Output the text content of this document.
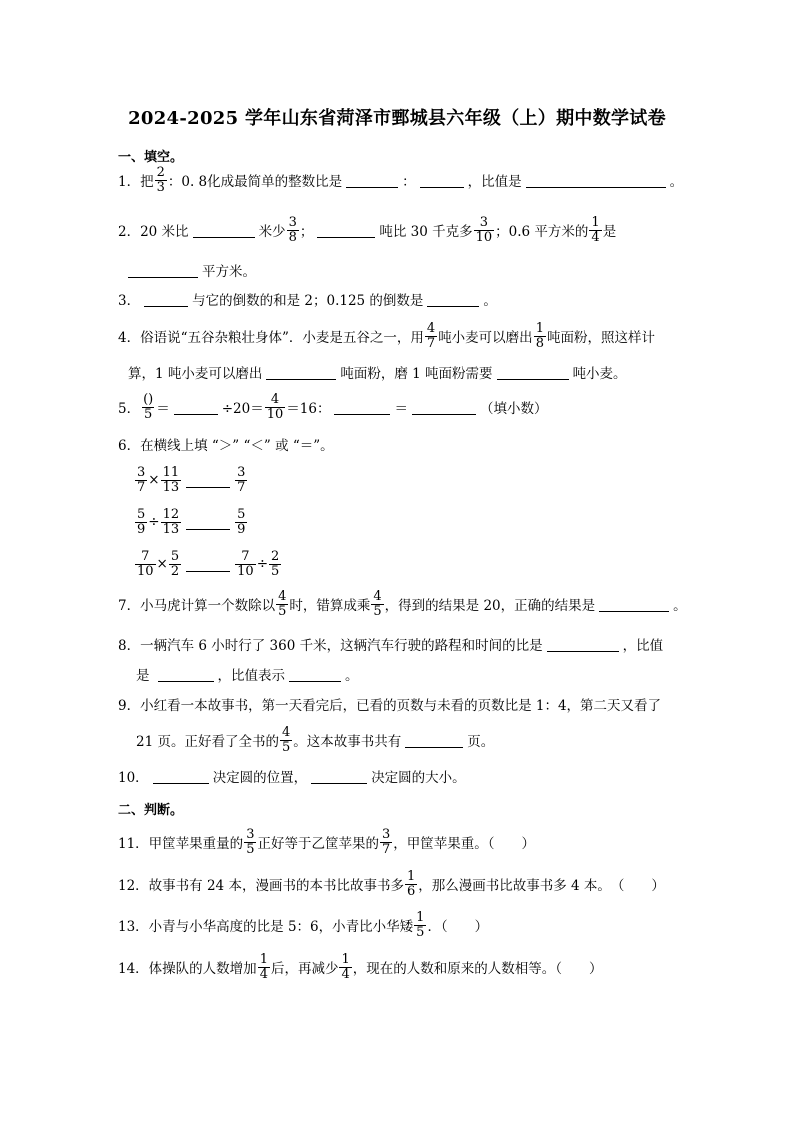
2024-2025 学年山东省菏泽市鄄城县六年级（上）期中数学试卷
一、填空。
1．把 $\frac{2}{3}$ ：0. 8化成最简单的整数比是	：	，比值是	。
2．20 米比	米少 $\frac{3}{8}$ ；	吨比 30 千克多 $\frac{3}{10}$ ；0.6 平方米的 $\frac{1}{4}$ 是
平方米。
3．	与它的倒数的和是 2；0.125 的倒数是	。
4．俗语说“五谷杂粮壮身体”．小麦是五谷之一，用 $\frac{4}{7}$ 吨小麦可以磨出 $\frac{1}{8}$ 吨面粉，照这样计
算，1 吨小麦可以磨出	吨面粉，磨 1 吨面粉需要	吨小麦。
5．
()
5 ＝	$\div 20= \frac{4}{10} =16$：	＝	（填小数）
6．在横线上填 “＞” “＜” 或 “＝”。
$\frac{3}{7} \times \frac{11}{13}$	$\frac{3}{7}$
$\frac{5}{9} \div \frac{12}{13}$	$\frac{5}{9}$
$\frac{7}{10} \times \frac{5}{2}$	$\frac{7}{10} \div \frac{2}{5}$
7．小马虎计算一个数除以 $\frac{4}{5}$ 时，错算成乘 $\frac{4}{5}$ ，得到的结果是 20，正确的结果是	。
8．一辆汽车 6 小时行了 360 千米，这辆汽车行驶的路程和时间的比是	，比值
是	，比值表示	。
9．小红看一本故事书，第一天看完后，已看的页数与未看的页数比是 1：4，第二天又看了
21 页。正好看了全书的 $\frac{4}{5}$ 。这本故事书共有	页。
10．	决定圆的位置，	决定圆的大小。
二、判断。
11．甲筐苹果重量的 $\frac{3}{5}$ 正好等于乙筐苹果的 $\frac{3}{7}$ ，甲筐苹果重。（　　）
12．故事书有 24 本，漫画书的本书比故事书多 $\frac{1}{6}$ ，那么漫画书比故事书多 4 本。　（　　）
13．小青与小华高度的比是 5：6，小青比小华矮 $\frac{1}{5}$ ．（　　）
14．体操队的人数增加 $\frac{1}{4}$ 后，再减少 $\frac{1}{4}$ ，现在的人数和原来的人数相等。（　　）
